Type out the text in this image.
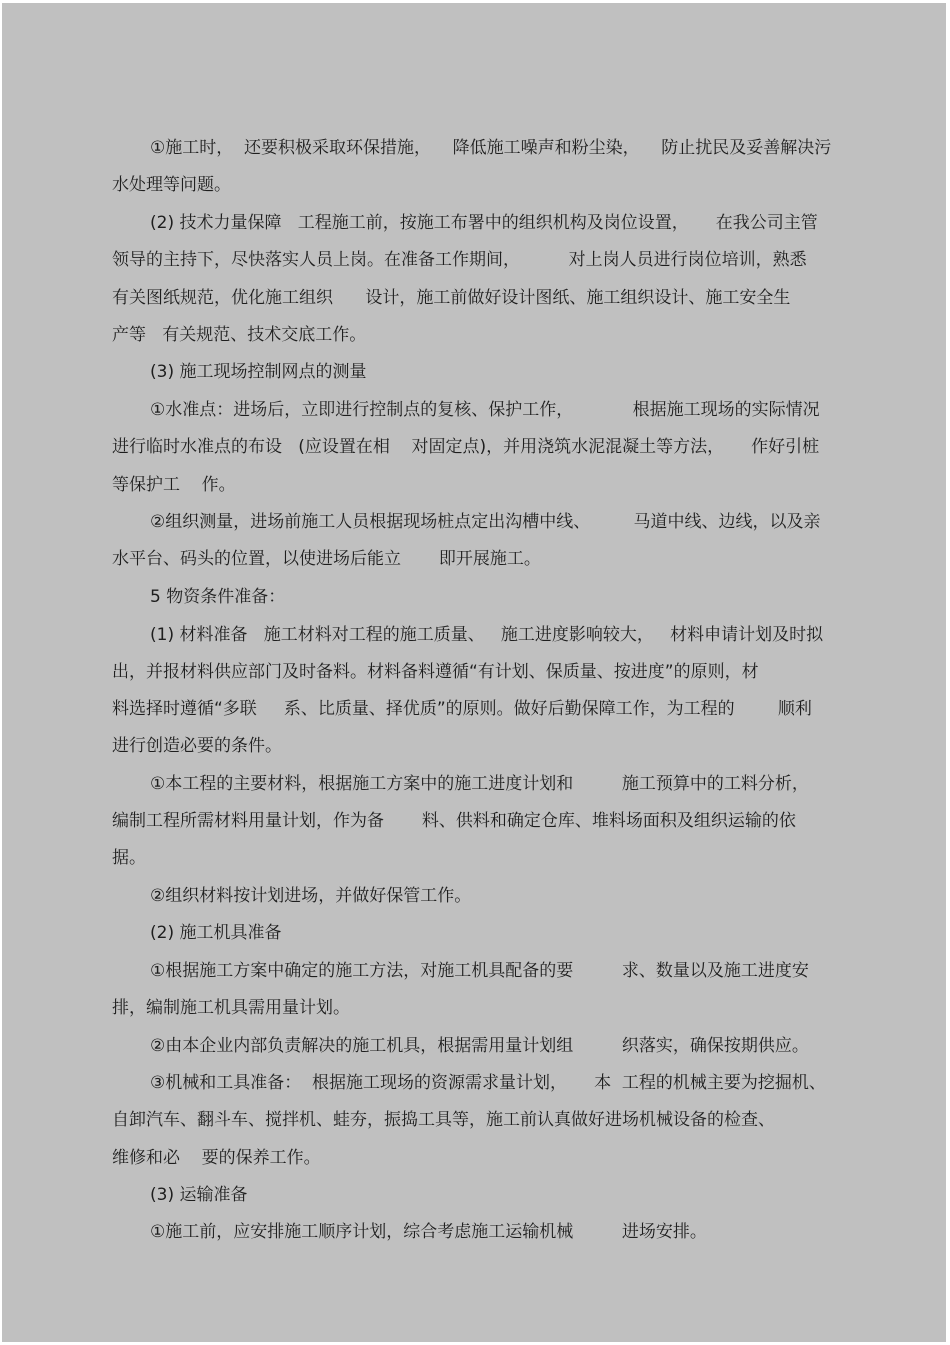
①施工时，  还要积极采取环保措施，    降低施工噪声和粉尘染，    防止扰民及妥善解决污
水处理等问题。
(2) 技术力量保障   工程施工前，按施工布署中的组织机构及岗位设置，     在我公司主管
领导的主持下，尽快落实人员上岗。在准备工作期间，         对上岗人员进行岗位培训，熟悉
有关图纸规范，优化施工组织      设计，施工前做好设计图纸、施工组织设计、施工安全生
产等   有关规范、技术交底工作。
(3) 施工现场控制网点的测量
①水准点：进场后，立即进行控制点的复核、保护工作，           根据施工现场的实际情况
进行临时水准点的布设   (应设置在相    对固定点)，并用浇筑水泥混凝土等方法，     作好引桩
等保护工    作。
②组织测量，进场前施工人员根据现场桩点定出沟槽中线、        马道中线、边线，以及亲
水平台、码头的位置，以使进场后能立       即开展施工。
5 物资条件准备：
(1) 材料准备   施工材料对工程的施工质量、   施工进度影响较大，   材料申请计划及时拟
出，并报材料供应部门及时备料。材料备料遵循“有计划、保质量、按进度”的原则，材
料选择时遵循“多联     系、比质量、择优质”的原则。做好后勤保障工作，为工程的        顺利
进行创造必要的条件。
①本工程的主要材料，根据施工方案中的施工进度计划和         施工预算中的工料分析，
编制工程所需材料用量计划，作为备       料、供料和确定仓库、堆料场面积及组织运输的依
据。
②组织材料按计划进场，并做好保管工作。
(2) 施工机具准备
①根据施工方案中确定的施工方法，对施工机具配备的要         求、数量以及施工进度安
排，编制施工机具需用量计划。
②由本企业内部负责解决的施工机具，根据需用量计划组         织落实，确保按期供应。
③机械和工具准备：  根据施工现场的资源需求量计划，     本  工程的机械主要为挖掘机、
自卸汽车、翻斗车、搅拌机、蛙夯，振捣工具等，施工前认真做好进场机械设备的检查、
维修和必    要的保养工作。
(3) 运输准备
①施工前，应安排施工顺序计划，综合考虑施工运输机械         进场安排。
